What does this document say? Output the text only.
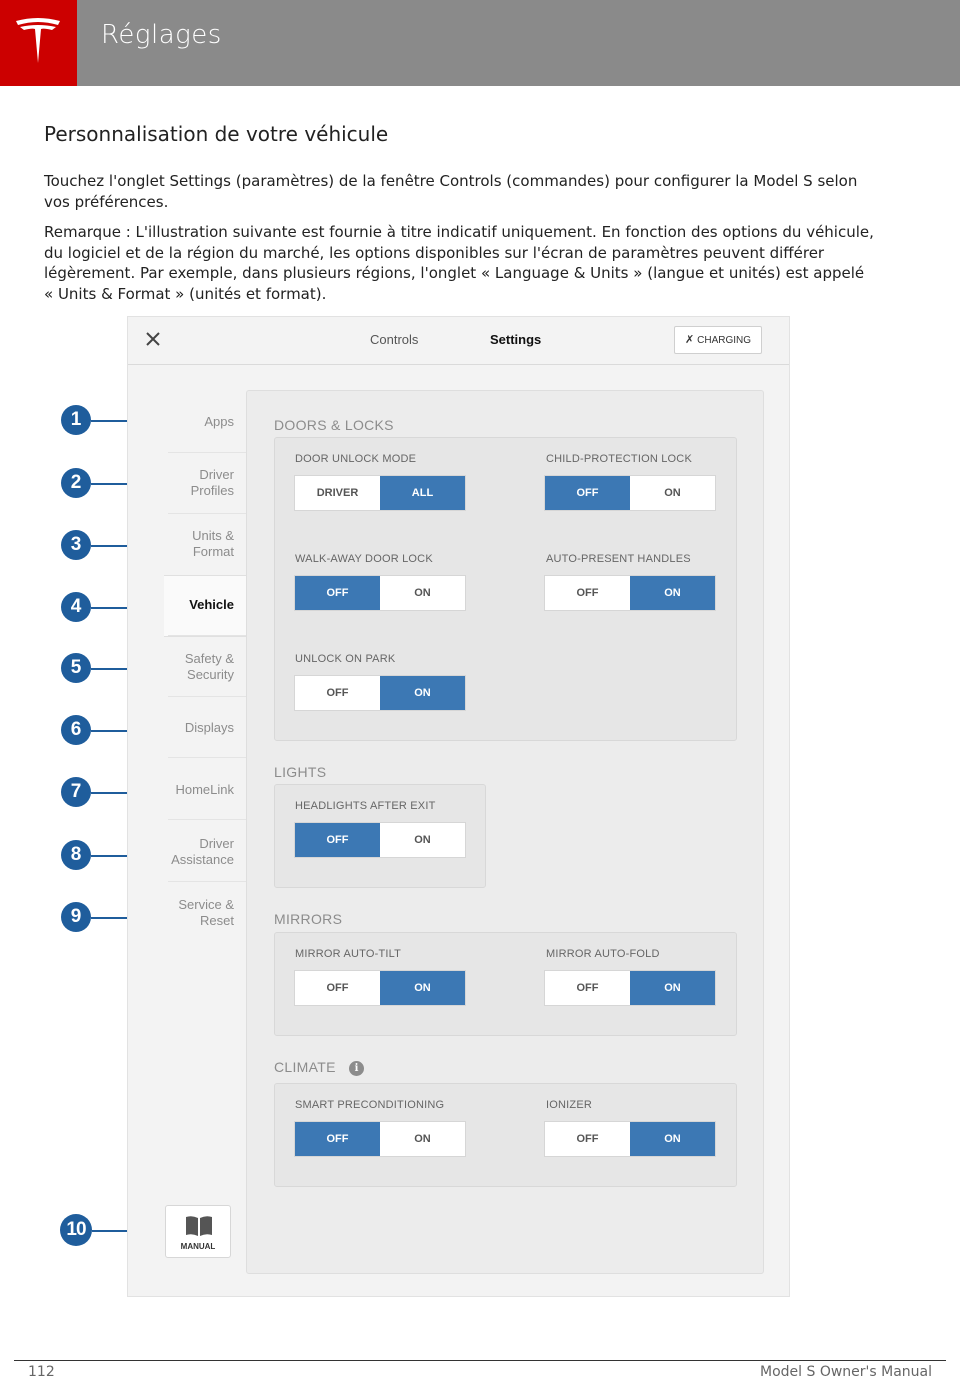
Réglages
Personnalisation de votre véhicule

Touchez l'onglet Settings (paramètres) de la fenêtre Controls (commandes) pour configurer la Model S selon vos préférences.

Remarque : L'illustration suivante est fournie à titre indicatif uniquement. En fonction des options du véhicule, du logiciel et de la région du marché, les options disponibles sur l'écran de paramètres peuvent différer légèrement. Par exemple, dans plusieurs régions, l'onglet « Language & Units » (langue et unités) est appelé « Units & Format » (unités et format).

1
2
3
4
5
6
7
8
9
10
Controls	Settings	✗ CHARGING
Apps
Driver
Profiles
Units &
Format
Vehicle
Safety &
Security
Displays
HomeLink
Driver
Assistance
Service &
Reset
MANUAL
DOORS & LOCKS
DOOR UNLOCK MODE
DRIVER	ALL
CHILD-PROTECTION LOCK
OFF	ON
WALK-AWAY DOOR LOCK
OFF	ON
AUTO-PRESENT HANDLES
OFF	ON
UNLOCK ON PARK
OFF	ON
LIGHTS
HEADLIGHTS AFTER EXIT
OFF	ON
MIRRORS
MIRROR AUTO-TILT
OFF	ON
MIRROR AUTO-FOLD
OFF	ON
CLIMATE	i
SMART PRECONDITIONING
OFF	ON
IONIZER
OFF	ON
112	Model S Owner's Manual
